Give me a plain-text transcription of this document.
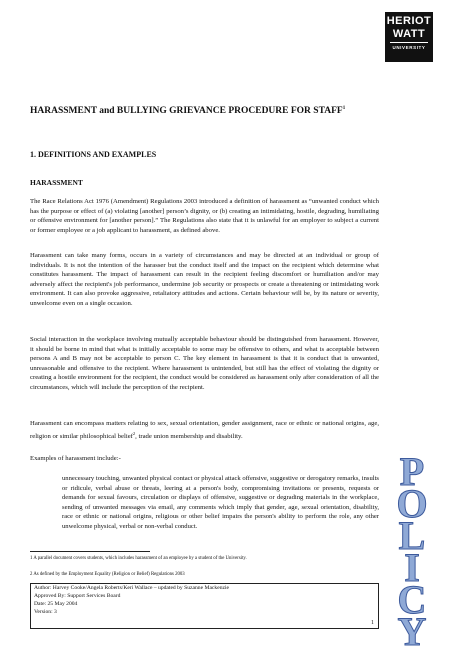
HERIOT
WATT
UNIVERSITY
HARASSMENT and BULLYING GRIEVANCE PROCEDURE FOR STAFF$^1$
1. DEFINITIONS AND EXAMPLES
HARASSMENT
The Race Relations Act 1976 (Amendment) Regulations 2003 introduced a definition of harassment as “unwanted conduct which has the purpose or effect of (a) violating [another] person’s dignity, or (b) creating an intimidating, hostile, degrading, humiliating or offensive environment for [another person].” The Regulations also state that it is unlawful for an employer to subject a current or former employee or a job applicant to harassment, as defined above.
Harassment can take many forms, occurs in a variety of circumstances and may be directed at an individual or group of individuals. It is not the intention of the harasser but the conduct itself and the impact on the recipient which determine what constitutes harassment. The impact of harassment can result in the recipient feeling discomfort or humiliation and/or may adversely affect the recipient's job performance, undermine job security or prospects or create a threatening or intimidating work environment. It can also provoke aggressive, retaliatory attitudes and actions. Certain behaviour will be, by its nature or severity, unwelcome even on a single occasion.
Social interaction in the workplace involving mutually acceptable behaviour should be distinguished from harassment. However, it should be borne in mind that what is initially acceptable to some may be offensive to others, and what is acceptable between persons A and B may not be acceptable to person C. The key element in harassment is that it is conduct that is unwanted, unreasonable and offensive to the recipient. Where harassment is unintended, but still has the effect of violating the dignity or creating a hostile environment for the recipient, the conduct would be considered as harassment only after consideration of all the circumstances, which will include the perception of the recipient.
Harassment can encompass matters relating to sex, sexual orientation, gender assignment, race or ethnic or national origins, age, religion or similar philosophical belief$^2$, trade union membership and disability.
Examples of harassment include:-
unnecessary touching, unwanted physical contact or physical attack offensive, suggestive or derogatory remarks, insults or ridicule, verbal abuse or threats, leering at a person's body, compromising invitations or presents, requests or demands for sexual favours, circulation or displays of offensive, suggestive or degrading materials in the workplace, sending of unwanted messages via email, any comments which imply that gender, age, sexual orientation, disability, race or ethnic or national origins, religious or other belief impairs the person's ability to perform the role, any other unwelcome physical, verbal or non-verbal conduct.
1 A parallel document covers students, which includes harassment of an employee by a student of the University.
2 As defined by the Employment Equality (Religion or Belief) Regulations 2003
Author: Harvey Cooke/Angela Roberts/Keri Wallace – updated by Suzanne Mackenzie
Approved By: Support Services Board
Date: 25 May 2004
Version: 3
1
P
O
L
I
C
Y
